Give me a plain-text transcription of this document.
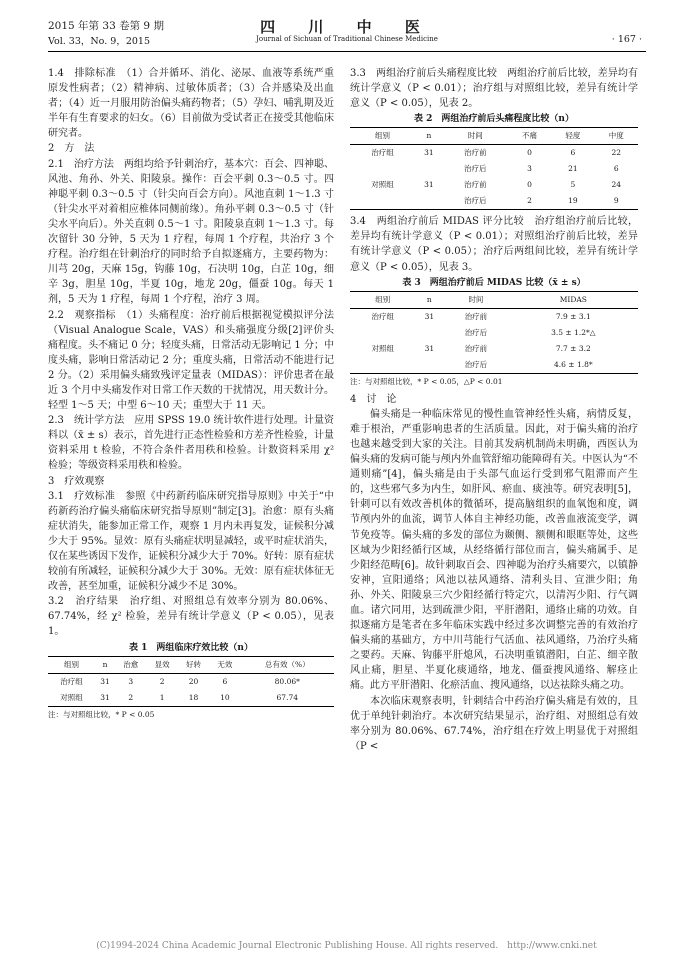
2015 年第 33 卷第 9 期
Vol. 33，No. 9，2015
四 川 中 医
Journal of Sichuan of Traditional Chinese Medicine	· 167 ·

1.4　排除标准　（1）合并循环、消化、泌尿、血液等系统严重原发性病者；（2）精神病、过敏体质者；（3）合并感染及出血者；（4）近一月服用防治偏头痛药物者；（5）孕妇、哺乳期及近半年有生育要求的妇女。（6）目前做为受试者正在接受其他临床研究者。

2　方　法

2.1　治疗方法　两组均给予针刺治疗，基本穴：百会、四神聪、风池、角孙、外关、阳陵泉。操作：百会平刺 0.3～0.5 寸。四神聪平刺 0.3～0.5 寸（针尖向百会方向）。风池直刺 1～1.3 寸（针尖水平对着相应椎体同侧前缘）。角孙平刺 0.3～0.5 寸（针尖水平向后）。外关直刺 0.5～1 寸。阳陵泉直刺 1～1.3 寸。每次留针 30 分钟，5 天为 1 疗程，每周 1 个疗程，共治疗 3 个疗程。治疗组在针刺治疗的同时给予自拟逐痛方，主要药物为：川芎 20g，天麻 15g，钩藤 10g，石决明 10g，白芷 10g，细辛 3g，胆星 10g，半夏 10g，地龙 20g，僵蚕 10g。每天 1 剂，5 天为 1 疗程，每周 1 个疗程，治疗 3 周。

2.2　观察指标　（1）头痛程度：治疗前后根据视觉模拟评分法（Visual Analogue Scale，VAS）和头痛强度分级[2]评价头痛程度。头不痛记 0 分；轻度头痛，日常活动无影响记 1 分；中度头痛，影响日常活动记 2 分；重度头痛，日常活动不能进行记 2 分。（2）采用偏头痛致残评定量表（MIDAS）：评价患者在最近 3 个月中头痛发作对日常工作天数的干扰情况，用天数计分。轻型 1～5 天；中型 6～10 天；重型大于 11 天。

2.3　统计学方法　应用 SPSS 19.0 统计软件进行处理。计量资料以（x̄ ± s）表示，首先进行正态性检验和方差齐性检验，计量资料采用 t 检验，不符合条件者用秩和检验。计数资料采用 χ² 检验；等级资料采用秩和检验。

3　疗效观察

3.1　疗效标准　参照《中药新药临床研究指导原则》中关于“中药新药治疗偏头痛临床研究指导原则”制定[3]。治愈：原有头痛症状消失，能参加正常工作，观察 1 月内未再复发，证候积分减少大于 95%。显效：原有头痛症状明显减轻，或平时症状消失，仅在某些诱因下发作，证候积分减少大于 70%。好转：原有症状较前有所减轻，证候积分减少大于 30%。无效：原有症状体征无改善，甚至加重，证候积分减少不足 30%。

3.2　治疗结果　治疗组、对照组总有效率分别为 80.06%、67.74%，经 χ² 检验，差异有统计学意义（P < 0.05），见表 1。

表 1　两组临床疗效比较（n）
组别	n	治愈	显效	好转	无效	总有效（%）
治疗组	31	3	2	20	6	80.06*
对照组	31	2	1	18	10	67.74
注：与对照组比较，* P < 0.05

3.3　两组治疗前后头痛程度比较　两组治疗前后比较，差异均有统计学意义（P < 0.01）；治疗组与对照组比较，差异有统计学意义（P < 0.05），见表 2。

表 2　两组治疗前后头痛程度比较（n）
组别	n	时间	不痛	轻度	中度
治疗组	31	治疗前	0	6	22
		治疗后	3	21	6
对照组	31	治疗前	0	5	24
		治疗后	2	19	9

3.4　两组治疗前后 MIDAS 评分比较　治疗组治疗前后比较，差异均有统计学意义（P < 0.01）；对照组治疗前后比较，差异有统计学意义（P < 0.05）；治疗后两组间比较，差异有统计学意义（P < 0.05），见表 3。

表 3　两组治疗前后 MIDAS 比较（x̄ ± s）
组别	n	时间	MIDAS
治疗组	31	治疗前	7.9 ± 3.1
		治疗后	3.5 ± 1.2*△
对照组	31	治疗前	7.7 ± 3.2
		治疗后	4.6 ± 1.8*
注：与对照组比较，* P < 0.05，△P < 0.01

4　讨　论

偏头痛是一种临床常见的慢性血管神经性头痛，病情反复，难于根治，严重影响患者的生活质量。因此，对于偏头痛的治疗也越来越受到大家的关注。目前其发病机制尚未明确，西医认为偏头痛的发病可能与颅内外血管舒缩功能障碍有关。中医认为“不通则痛”[4]，偏头痛是由于头部气血运行受到邪气阻滞而产生的，这些邪气多为内生，如肝风、瘀血、痰浊等。研究表明[5]，针刺可以有效改善机体的微循环，提高脑组织的血氧饱和度，调节颅内外的血流，调节人体自主神经功能，改善血液流变学，调节免疫等。偏头痛的多发的部位为颞侧、额侧和眼眶等处，这些区域为少阳经循行区域，从经络循行部位而言，偏头痛属手、足少阳经范畴[6]。故针刺取百会、四神聪为治疗头痛要穴，以镇静安神，宣阳通络；风池以祛风通络、清利头目、宣泄少阳；角孙、外关、阳陵泉三穴少阳经循行特定穴，以清泻少阳、行气调血。诸穴同用，达到疏泄少阳，平肝潜阳，通络止痛的功效。自拟逐痛方是笔者在多年临床实践中经过多次调整完善的有效治疗偏头痛的基础方，方中川芎能行气活血、祛风通络，乃治疗头痛之要药。天麻、钩藤平肝熄风，石决明重镇潜阳，白芷、细辛散风止痛，胆星、半夏化痰通络，地龙、僵蚕搜风通络、解痉止痛。此方平肝潜阳、化瘀活血、搜风通络，以达祛除头痛之功。

本次临床观察表明，针刺结合中药治疗偏头痛是有效的，且优于单纯针刺治疗。本次研究结果显示，治疗组、对照组总有效率分别为 80.06%、67.74%，治疗组在疗效上明显优于对照组（P <

(C)1994-2024 China Academic Journal Electronic Publishing House. All rights reserved.　http://www.cnki.net
